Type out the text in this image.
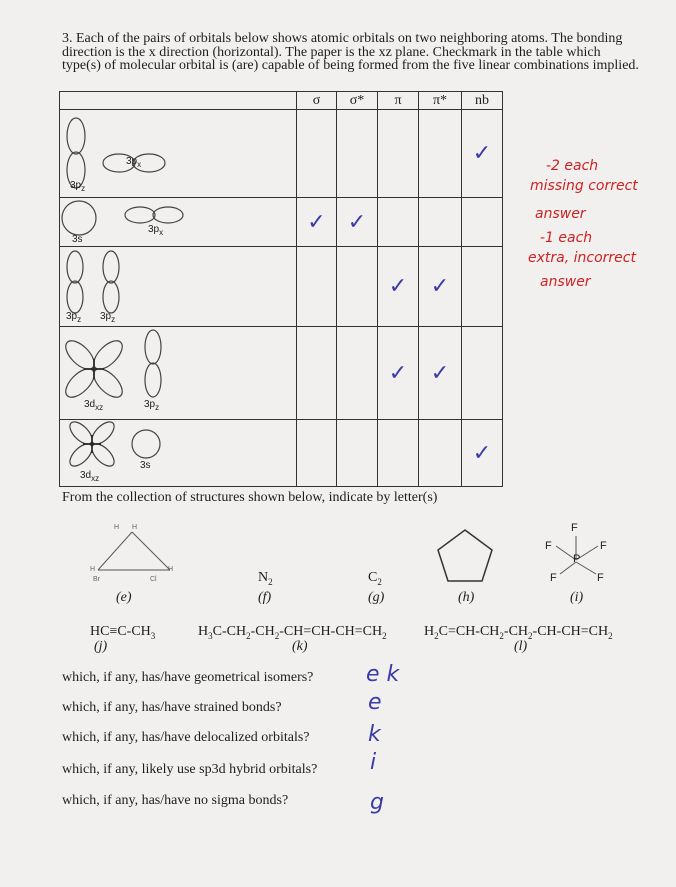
3. Each of the pairs of orbitals below shows atomic orbitals on two neighboring atoms. The bonding direction is the x direction (horizontal). The paper is the xz plane. Checkmark in the table which type(s) of molecular orbital is (are) capable of being formed from the five linear combinations implied.
	σ	σ*	π	π*	nb

$3p_z$
$3p_x$					✓

3s
$3p_x$	✓	✓			

$3p_z$ $3p_z$			✓	✓	

$3d_{xz}$ $3p_z$			✓	✓	

$3d_{xz}$
3s					✓
-2 each
missing correct
answer
-1 each
extra, incorrect
answer
From the collection of structures shown below, indicate by letter(s)
H H
H
Br
H
Cl
(e)
$N_2$
(f)
$C_2$
(g)	(h)
F
F	F
P
F	F
(i)
$HC\equiv C-CH_3$
(j)
$H_3C-CH_2-CH_2-CH=CH-CH=CH_2$
(k)
$H_2C=CH-CH_2-CH_2-CH-CH=CH_2$
(l)
which, if any, has/have geometrical isomers? e k
which, if any, has/have strained bonds?	e
which, if any, has/have delocalized orbitals?	k
which, if any, likely use sp3d hybrid orbitals? i
which, if any, has/have no sigma bonds?	g
